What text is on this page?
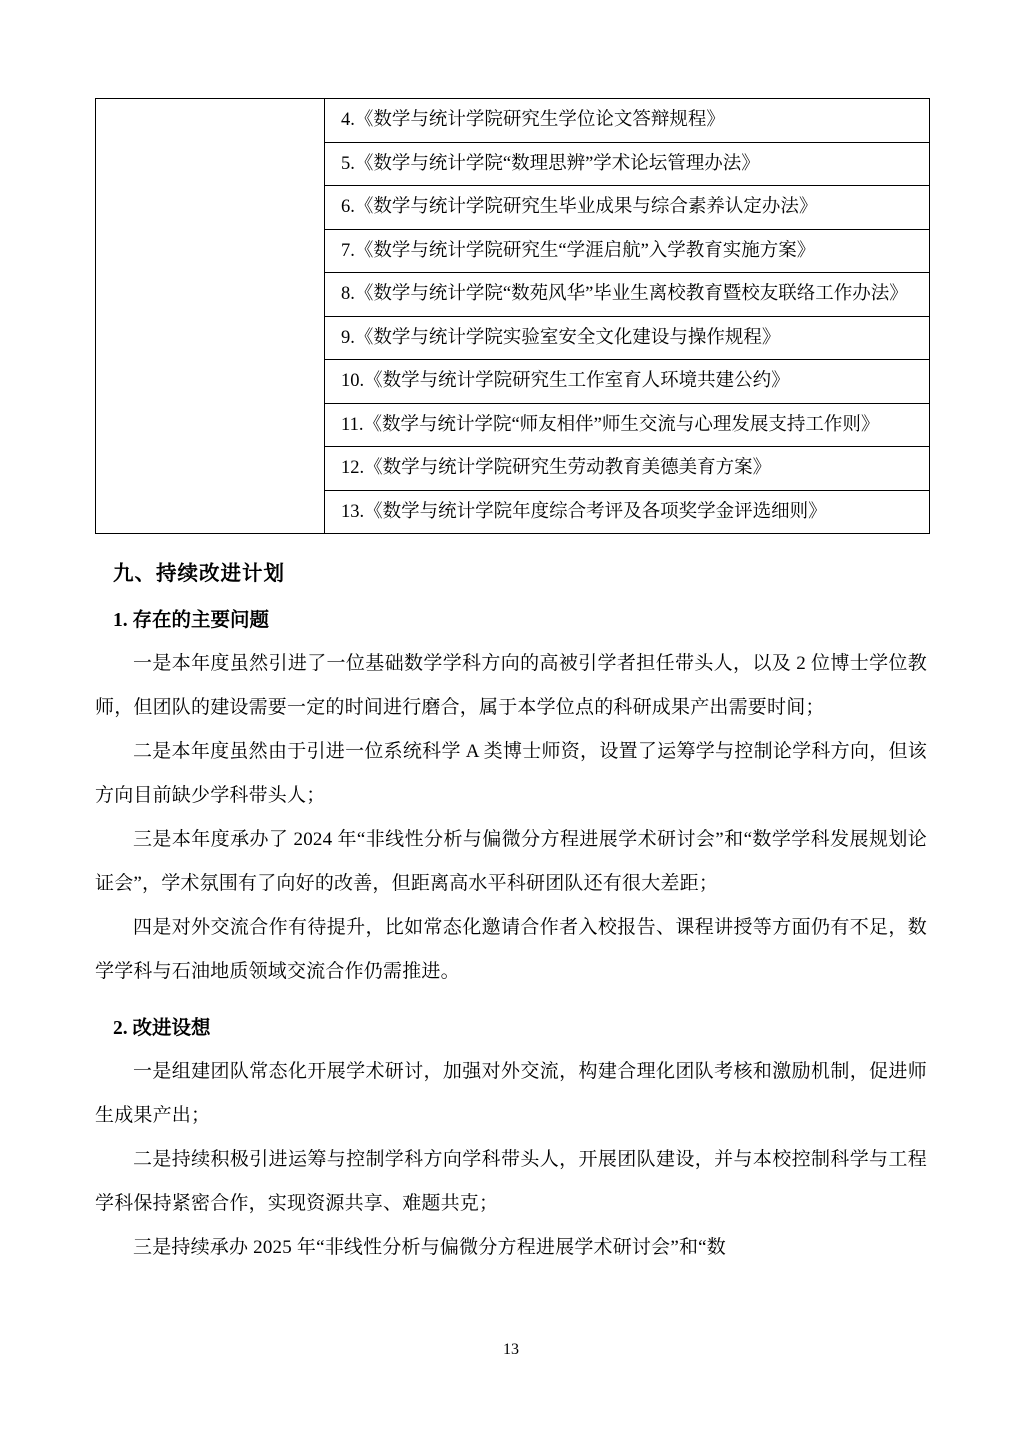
4.《数学与统计学院研究生学位论文答辩规程》
5.《数学与统计学院“数理思辨”学术论坛管理办法》
6.《数学与统计学院研究生毕业成果与综合素养认定办法》
7.《数学与统计学院研究生“学涯启航”入学教育实施方案》
8.《数学与统计学院“数苑风华”毕业生离校教育暨校友联络工作办法》
9.《数学与统计学院实验室安全文化建设与操作规程》
10.《数学与统计学院研究生工作室育人环境共建公约》
11.《数学与统计学院“师友相伴”师生交流与心理发展支持工作则》
12.《数学与统计学院研究生劳动教育美德美育方案》
13.《数学与统计学院年度综合考评及各项奖学金评选细则》
九、持续改进计划
1. 存在的主要问题

一是本年度虽然引进了一位基础数学学科方向的高被引学者担任带头人，以及 2 位博士学位教师，但团队的建设需要一定的时间进行磨合，属于本学位点的科研成果产出需要时间；

二是本年度虽然由于引进一位系统科学 A 类博士师资，设置了运筹学与控制论学科方向，但该方向目前缺少学科带头人；

三是本年度承办了 2024 年“非线性分析与偏微分方程进展学术研讨会”和“数学学科发展规划论证会”，学术氛围有了向好的改善，但距离高水平科研团队还有很大差距；

四是对外交流合作有待提升，比如常态化邀请合作者入校报告、课程讲授等方面仍有不足，数学学科与石油地质领域交流合作仍需推进。

2. 改进设想

一是组建团队常态化开展学术研讨，加强对外交流，构建合理化团队考核和激励机制，促进师生成果产出；

二是持续积极引进运筹与控制学科方向学科带头人，开展团队建设，并与本校控制科学与工程学科保持紧密合作，实现资源共享、难题共克；

三是持续承办 2025 年“非线性分析与偏微分方程进展学术研讨会”和“数

13
